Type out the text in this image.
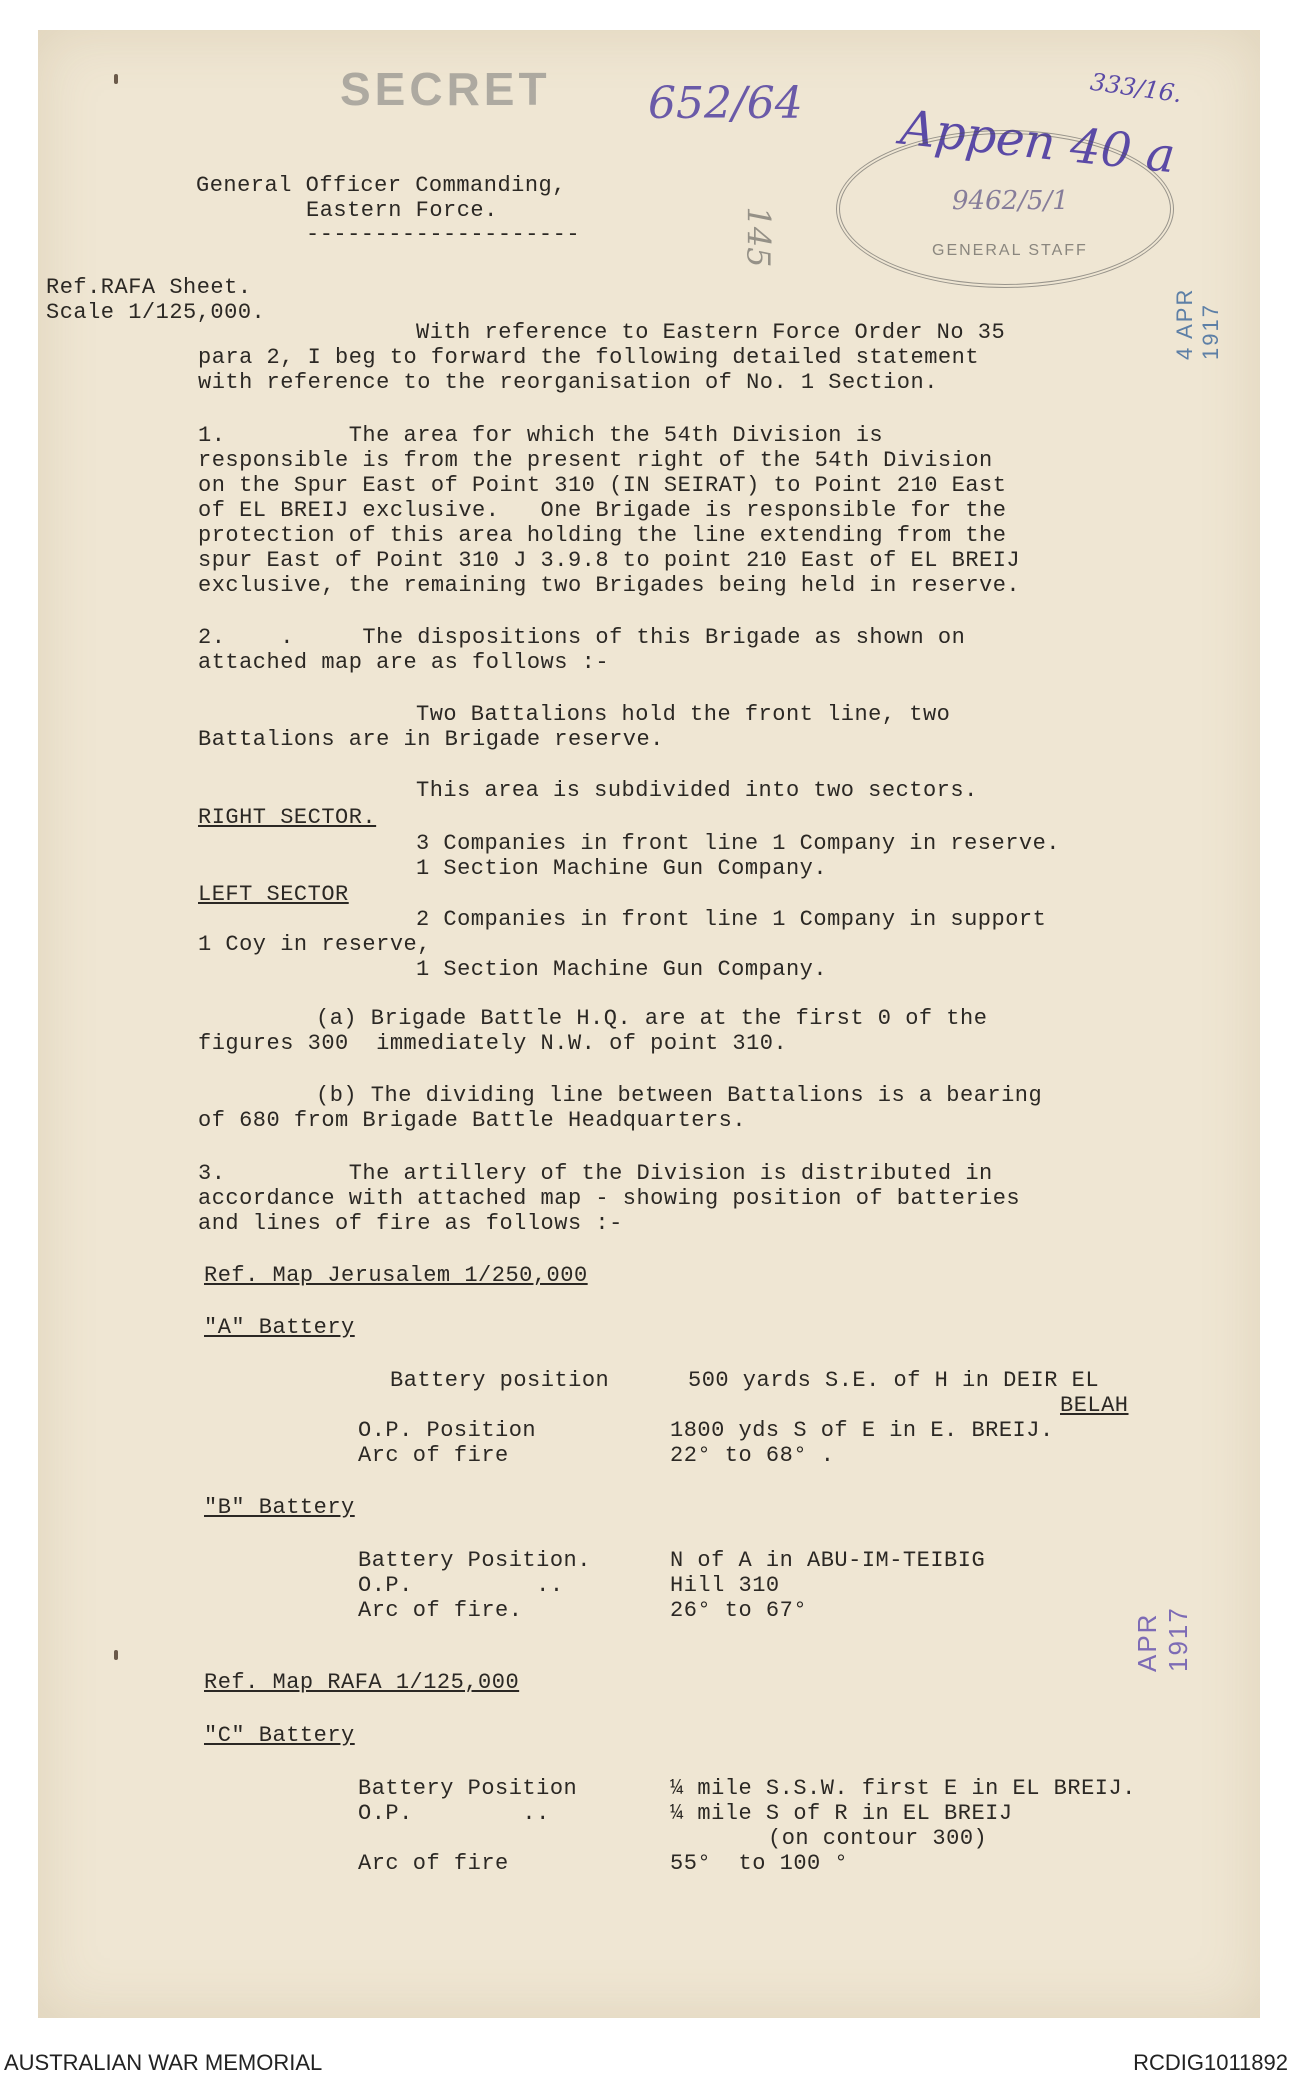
SECRET 652/64 Appen 40 a
333/16.
145
9462/5/1
GENERAL STAFF
4 APR 1917
APR 1917
General Officer Commanding,
Eastern Force.
--------------------
Ref.RAFA Sheet.
Scale 1/125,000.
With reference to Eastern Force Order No 35
para 2, I beg to forward the following detailed statement
with reference to the reorganisation of No. 1 Section.
1.         The area for which the 54th Division is
responsible is from the present right of the 54th Division
on the Spur East of Point 310 (IN SEIRAT) to Point 210 East
of EL BREIJ exclusive.   One Brigade is responsible for the
protection of this area holding the line extending from the
spur East of Point 310 J 3.9.8 to point 210 East of EL BREIJ
exclusive, the remaining two Brigades being held in reserve.
2.    .     The dispositions of this Brigade as shown on
attached map are as follows :-
Two Battalions hold the front line, two
Battalions are in Brigade reserve.
This area is subdivided into two sectors.
RIGHT SECTOR.
3 Companies in front line 1 Company in reserve.
1 Section Machine Gun Company.
LEFT SECTOR
2 Companies in front line 1 Company in support
1 Coy in reserve,
1 Section Machine Gun Company.
(a) Brigade Battle H.Q. are at the first 0 of the
figures 300  immediately N.W. of point 310.
(b) The dividing line between Battalions is a bearing
of 680 from Brigade Battle Headquarters.
3.         The artillery of the Division is distributed in
accordance with attached map - showing position of batteries
and lines of fire as follows :-
Ref. Map Jerusalem 1/250,000
"A" Battery
Battery position	500 yards S.E. of H in DEIR EL
BELAH
O.P. Position	1800 yds S of E in E. BREIJ.
Arc of fire	22° to 68° .
"B" Battery
Battery Position.	N of A in ABU-IM-TEIBIG
O.P.         ..	Hill 310
Arc of fire.	26° to 67°
Ref. Map RAFA 1/125,000
"C" Battery
Battery Position	¼ mile S.S.W. first E in EL BREIJ.
O.P.        ..	¼ mile S of R in EL BREIJ
(on contour 300)
Arc of fire	55°  to 100 °
AUSTRALIAN WAR MEMORIAL	RCDIG1011892
